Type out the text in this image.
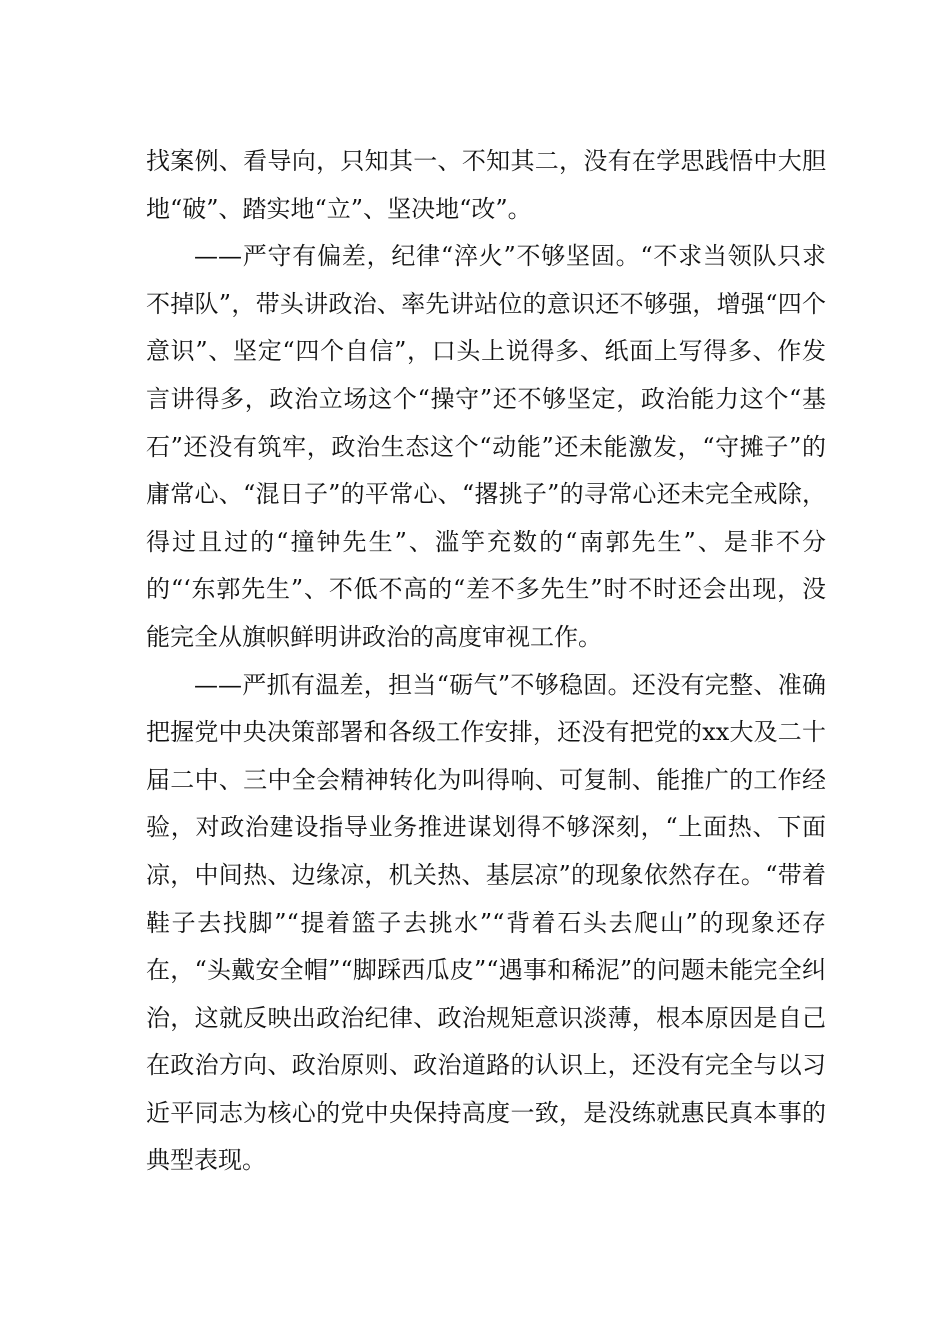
找案例、看导向，只知其一、不知其二，没有在学思践悟中大胆地“破”、踏实地“立”、坚决地“改”。

——严守有偏差，纪律“淬火”不够坚固。“不求当领队只求不掉队”，带头讲政治、率先讲站位的意识还不够强，增强“四个意识”、坚定“四个自信”，口头上说得多、纸面上写得多、作发言讲得多，政治立场这个“操守”还不够坚定，政治能力这个“基石”还没有筑牢，政治生态这个“动能”还未能激发，“守摊子”的庸常心、“混日子”的平常心、“撂挑子”的寻常心还未完全戒除，得过且过的“撞钟先生”、滥竽充数的“南郭先生”、是非不分的“‘东郭先生”、不低不高的“差不多先生”时不时还会出现，没能完全从旗帜鲜明讲政治的高度审视工作。

——严抓有温差，担当“砺气”不够稳固。还没有完整、准确把握党中央决策部署和各级工作安排，还没有把党的xx大及二十届二中、三中全会精神转化为叫得响、可复制、能推广的工作经验，对政治建设指导业务推进谋划得不够深刻，“上面热、下面凉，中间热、边缘凉，机关热、基层凉”的现象依然存在。“带着鞋子去找脚”“提着篮子去挑水”“背着石头去爬山”的现象还存在，“头戴安全帽”“脚踩西瓜皮”“遇事和稀泥”的问题未能完全纠治，这就反映出政治纪律、政治规矩意识淡薄，根本原因是自己在政治方向、政治原则、政治道路的认识上，还没有完全与以习近平同志为核心的党中央保持高度一致，是没练就惠民真本事的典型表现。
